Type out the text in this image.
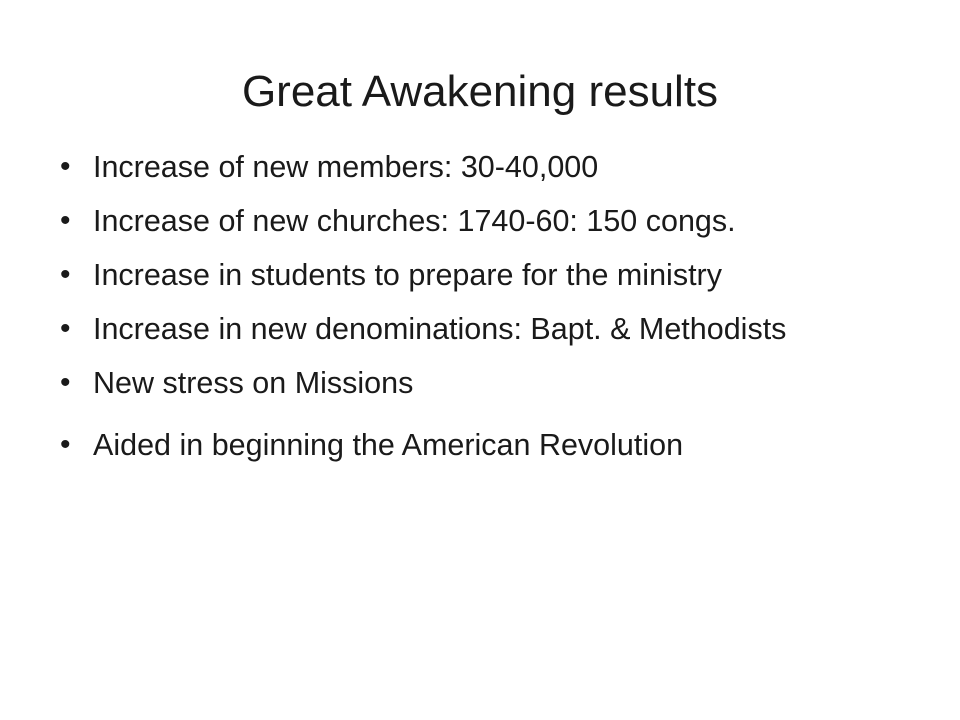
Great Awakening results
• Increase of new members: 30-40,000
• Increase of new churches: 1740-60: 150 congs.
• Increase in students to prepare for the ministry
• Increase in new denominations: Bapt. & Methodists
• New stress on Missions
• Aided in beginning the American Revolution
